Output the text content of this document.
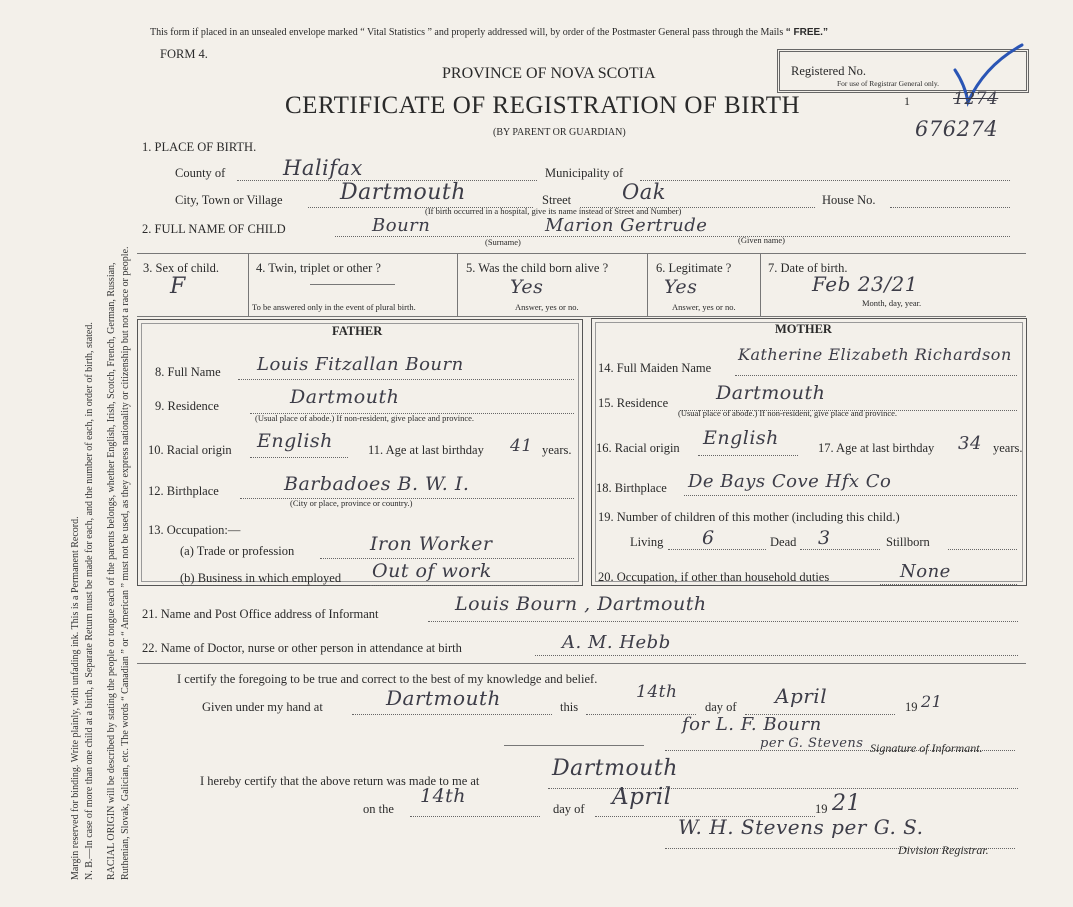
Margin reserved for binding. Write plainly, with unfading ink. This is a Permanent Record. N. B.—In case of more than one child at a birth, a Separate Return must be made for each, and the number of each, in order of birth, stated. RACIAL ORIGIN will be described by stating the people or tongue each of the parents belongs, whether English, Irish, Scotch, French, German, Russian, Ruthenian, Slovak, Galician, etc. The words “ Canadian ” or “ American ” must not be used, as they express nationality or citizenship but not a race or people.
This form if placed in an unsealed envelope marked “ Vital Statistics ” and properly addressed will, by order of the Postmaster General pass through the Mails “ FREE.”
FORM 4.
PROVINCE OF NOVA SCOTIA
CERTIFICATE OF REGISTRATION OF BIRTH
(BY PARENT OR GUARDIAN)
Registered No.
For use of Registrar General only.
1	1274
676274
1. PLACE OF BIRTH.
County of	Halifax	Municipality of
City, Town or Village	Dartmouth	Street Oak	House No.
(If birth occurred in a hospital, give its name instead of Street and Number)
2. FULL NAME OF CHILD	Bourn	Marion Gertrude
(Surname)	(Given name)
3. Sex of child.
F
4. Twin, triplet or other ?
To be answered only in the event of plural birth.
5. Was the child born alive ?
Yes
Answer, yes or no.
6. Legitimate ?
Yes
Answer, yes or no.
7. Date of birth.
Feb 23/21
Month, day, year.
FATHER	MOTHER
8. Full Name Louis Fitzallan Bourn
9. Residence	Dartmouth
(Usual place of abode.) If non-resident, give place and province.
10. Racial origin English	11. Age at last birthday 41 years.
12. Birthplace	Barbadoes B. W. I.
(City or place, province or country.)
13. Occupation:—
(a) Trade or profession	Iron Worker
(b) Business in which employed Out of work
14. Full Maiden Name
Katherine Elizabeth Richardson
15. Residence	Dartmouth
(Usual place of abode.) If non-resident, give place and province.
16. Racial origin English	17. Age at last birthday 34 years.
18. Birthplace De Bays Cove Hfx Co
19. Number of children of this mother (including this child.)
Living 6	Dead 3	Stillborn
20. Occupation, if other than household duties	None
21. Name and Post Office address of Informant	Louis Bourn , Dartmouth
22. Name of Doctor, nurse or other person in attendance at birth	A. M. Hebb
I certify the foregoing to be true and correct to the best of my knowledge and belief.
Given under my hand at	Dartmouth	this
14th
day of April	19 21
for L. F. Bourn
per G. Stevens Signature of Informant.
I hereby certify that the above return was made to me at	Dartmouth
on the
14th
day of April	19 21
W. H. Stevens per G. S.
Division Registrar.
